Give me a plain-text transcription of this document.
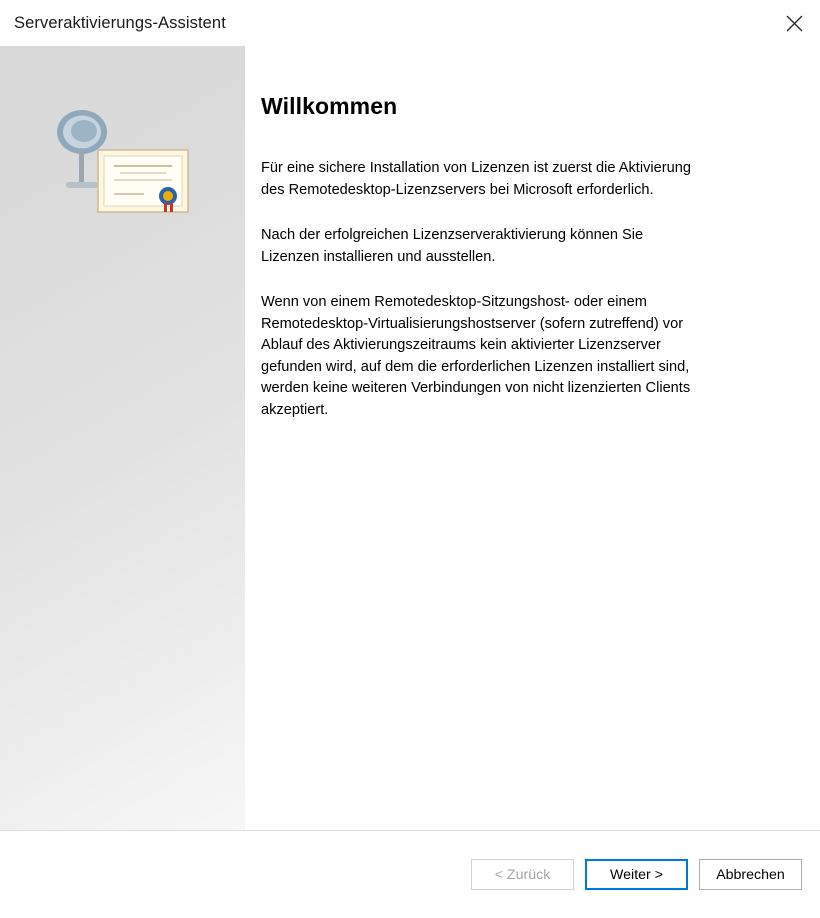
Serveraktivierungs-Assistent
Willkommen

Für eine sichere Installation von Lizenzen ist zuerst die Aktivierung des Remotedesktop-Lizenzservers bei Microsoft erforderlich.

Nach der erfolgreichen Lizenzserveraktivierung können Sie Lizenzen installieren und ausstellen.

Wenn von einem Remotedesktop-Sitzungshost- oder einem Remotedesktop-Virtualisierungshostserver (sofern zutreffend) vor Ablauf des Aktivierungszeitraums kein aktivierter Lizenzserver gefunden wird, auf dem die erforderlichen Lizenzen installiert sind, werden keine weiteren Verbindungen von nicht lizenzierten Clients akzeptiert.

< Zurück	Weiter >	Abbrechen
